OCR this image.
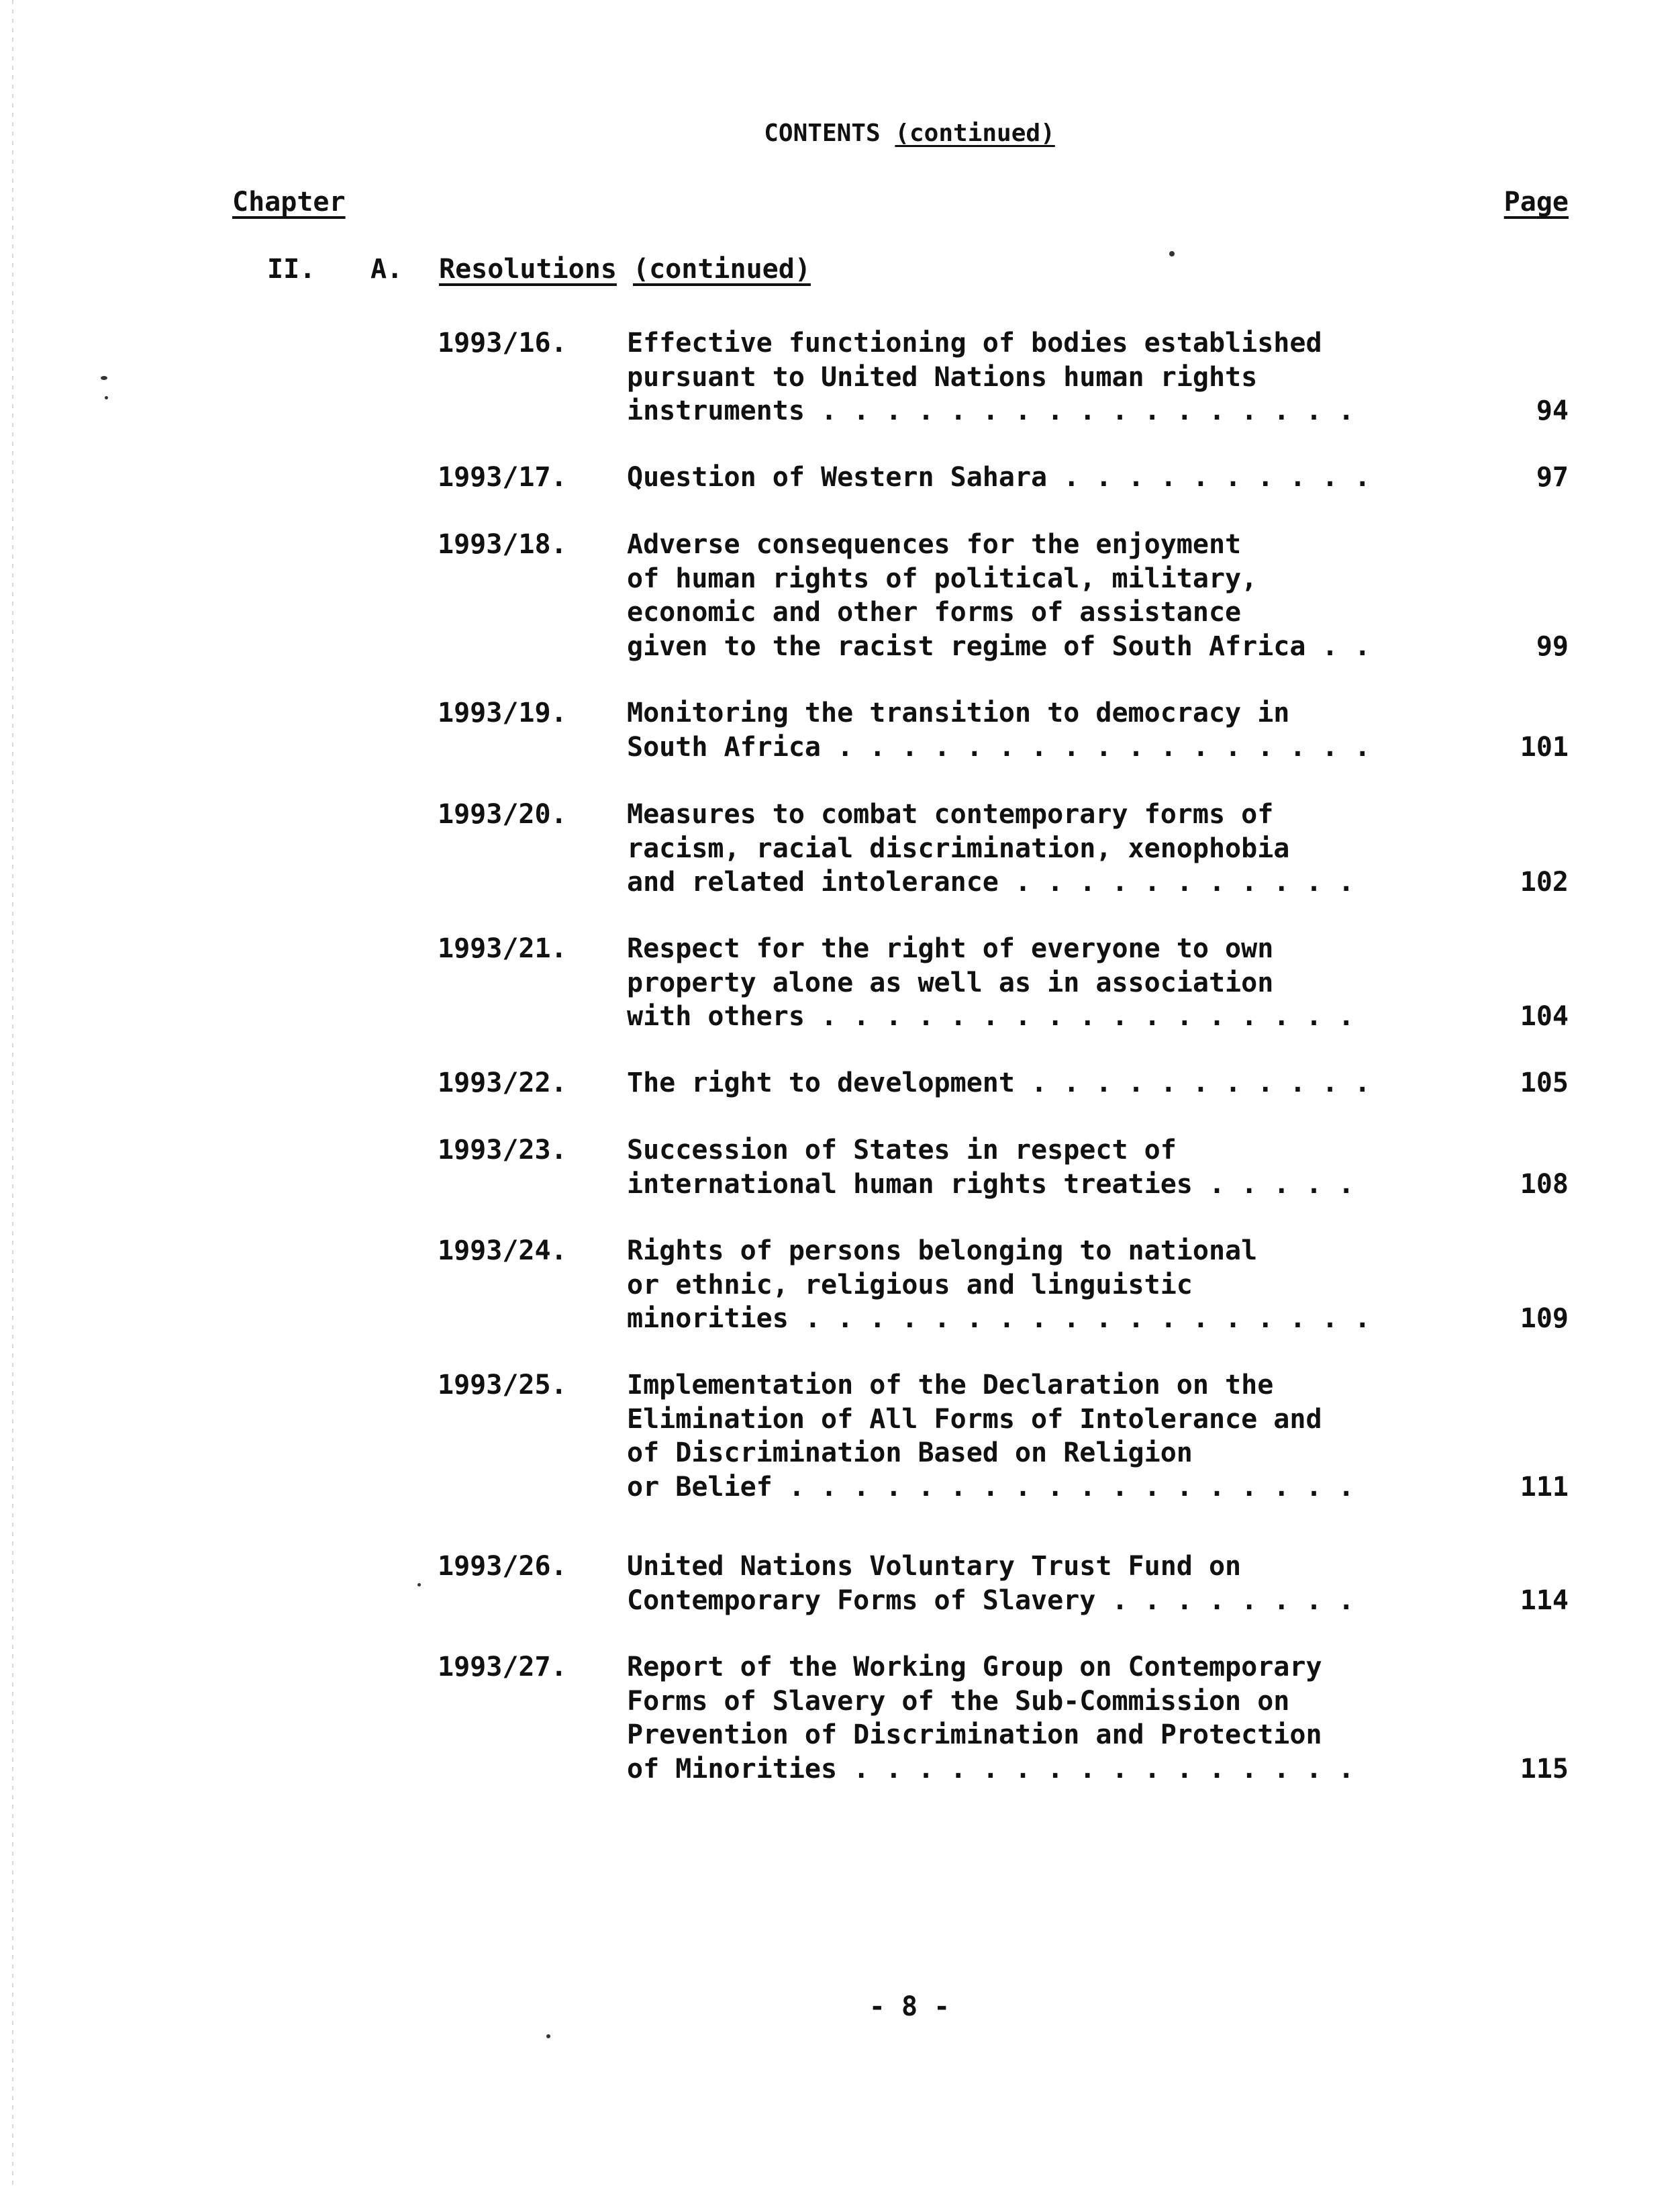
CONTENTS (continued)
Chapter	Page
II. A. Resolutions (continued)
1993/16. Effective functioning of bodies established
pursuant to United Nations human rights
instruments . . . . . . . . . . . . . . . . .	94
1993/17. Question of Western Sahara . . . . . . . . . .	97
1993/18. Adverse consequences for the enjoyment
of human rights of political, military,
economic and other forms of assistance
given to the racist regime of South Africa . .	99
1993/19. Monitoring the transition to democracy in
South Africa . . . . . . . . . . . . . . . . .	101
1993/20. Measures to combat contemporary forms of
racism, racial discrimination, xenophobia
and related intolerance . . . . . . . . . . .	102
1993/21. Respect for the right of everyone to own
property alone as well as in association
with others . . . . . . . . . . . . . . . . .	104
1993/22. The right to development . . . . . . . . . . .	105
1993/23. Succession of States in respect of
international human rights treaties . . . . .	108
1993/24. Rights of persons belonging to national
or ethnic, religious and linguistic
minorities . . . . . . . . . . . . . . . . . .	109
1993/25. Implementation of the Declaration on the
Elimination of All Forms of Intolerance and
of Discrimination Based on Religion
or Belief . . . . . . . . . . . . . . . . . .	111
1993/26. United Nations Voluntary Trust Fund on
Contemporary Forms of Slavery . . . . . . . .	114
1993/27. Report of the Working Group on Contemporary
Forms of Slavery of the Sub-Commission on
Prevention of Discrimination and Protection
of Minorities . . . . . . . . . . . . . . . .	115
- 8 -
